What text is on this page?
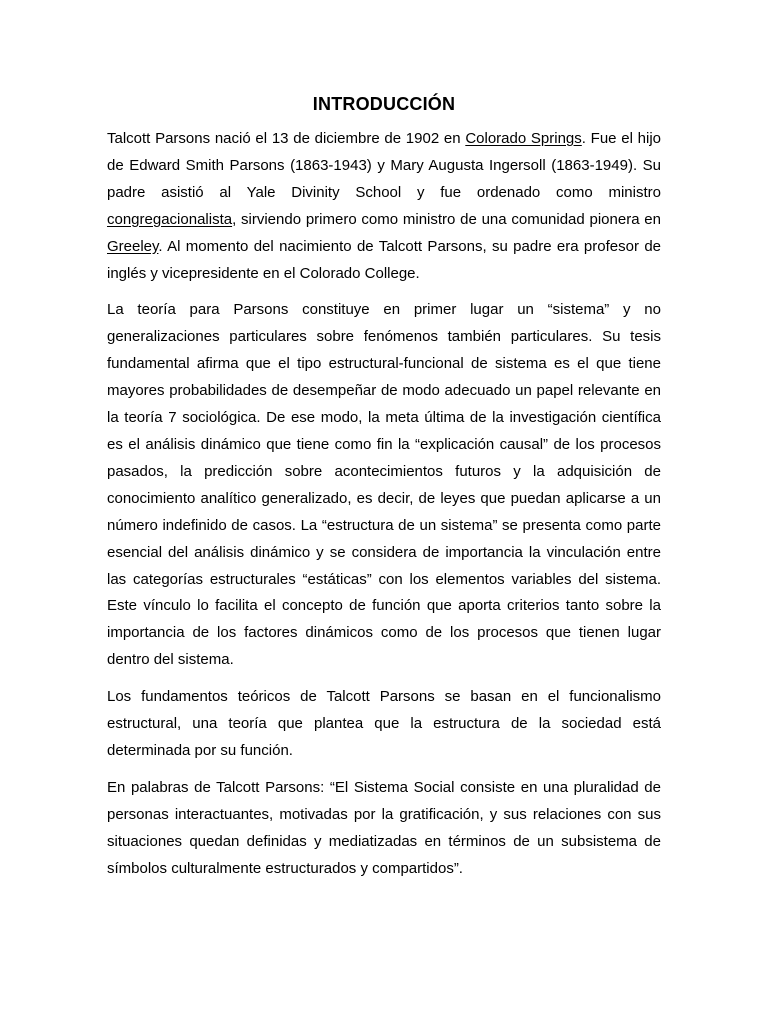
INTRODUCCIÓN

Talcott Parsons nació el 13 de diciembre de 1902 en Colorado Springs. Fue el hijo de Edward Smith Parsons (1863-1943) y Mary Augusta Ingersoll (1863-1949). Su padre asistió al Yale Divinity School y fue ordenado como ministro congregacionalista, sirviendo primero como ministro de una comunidad pionera en Greeley. Al momento del nacimiento de Talcott Parsons, su padre era profesor de inglés y vicepresidente en el Colorado College.

La teoría para Parsons constituye en primer lugar un “sistema” y no generalizaciones particulares sobre fenómenos también particulares. Su tesis fundamental afirma que el tipo estructural-funcional de sistema es el que tiene mayores probabilidades de desempeñar de modo adecuado un papel relevante en la teoría 7 sociológica. De ese modo, la meta última de la investigación científica es el análisis dinámico que tiene como fin la “explicación causal” de los procesos pasados, la predicción sobre acontecimientos futuros y la adquisición de conocimiento analítico generalizado, es decir, de leyes que puedan aplicarse a un número indefinido de casos. La “estructura de un sistema” se presenta como parte esencial del análisis dinámico y se considera de importancia la vinculación entre las categorías estructurales “estáticas” con los elementos variables del sistema. Este vínculo lo facilita el concepto de función que aporta criterios tanto sobre la importancia de los factores dinámicos como de los procesos que tienen lugar dentro del sistema.

Los fundamentos teóricos de Talcott Parsons se basan en el funcionalismo estructural, una teoría que plantea que la estructura de la sociedad está determinada por su función.

En palabras de Talcott Parsons: “El Sistema Social consiste en una pluralidad de personas interactuantes, motivadas por la gratificación, y sus relaciones con sus situaciones quedan definidas y mediatizadas en términos de un subsistema de símbolos culturalmente estructurados y compartidos”.
